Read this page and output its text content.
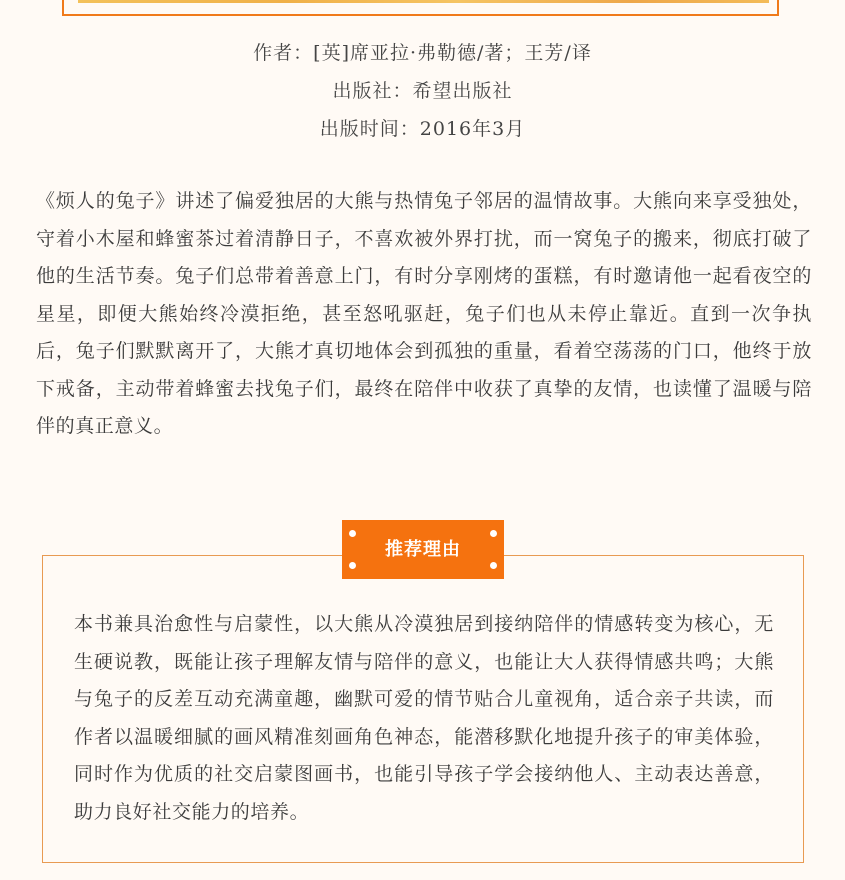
作者：[英]席亚拉·弗勒德/著；王芳/译
出版社：希望出版社
出版时间：2016年3月

《烦人的兔子》讲述了偏爱独居的大熊与热情兔子邻居的温情故事。大熊向来享受独处，守着小木屋和蜂蜜茶过着清静日子，不喜欢被外界打扰，而一窝兔子的搬来，彻底打破了他的生活节奏。兔子们总带着善意上门，有时分享刚烤的蛋糕，有时邀请他一起看夜空的星星，即便大熊始终冷漠拒绝，甚至怒吼驱赶，兔子们也从未停止靠近。直到一次争执后，兔子们默默离开了，大熊才真切地体会到孤独的重量，看着空荡荡的门口，他终于放下戒备，主动带着蜂蜜去找兔子们，最终在陪伴中收获了真挚的友情，也读懂了温暖与陪伴的真正意义。

推荐理由

本书兼具治愈性与启蒙性，以大熊从冷漠独居到接纳陪伴的情感转变为核心，无生硬说教，既能让孩子理解友情与陪伴的意义，也能让大人获得情感共鸣；大熊与兔子的反差互动充满童趣，幽默可爱的情节贴合儿童视角，适合亲子共读，而作者以温暖细腻的画风精准刻画角色神态，能潜移默化地提升孩子的审美体验，同时作为优质的社交启蒙图画书，也能引导孩子学会接纳他人、主动表达善意，助力良好社交能力的培养。
